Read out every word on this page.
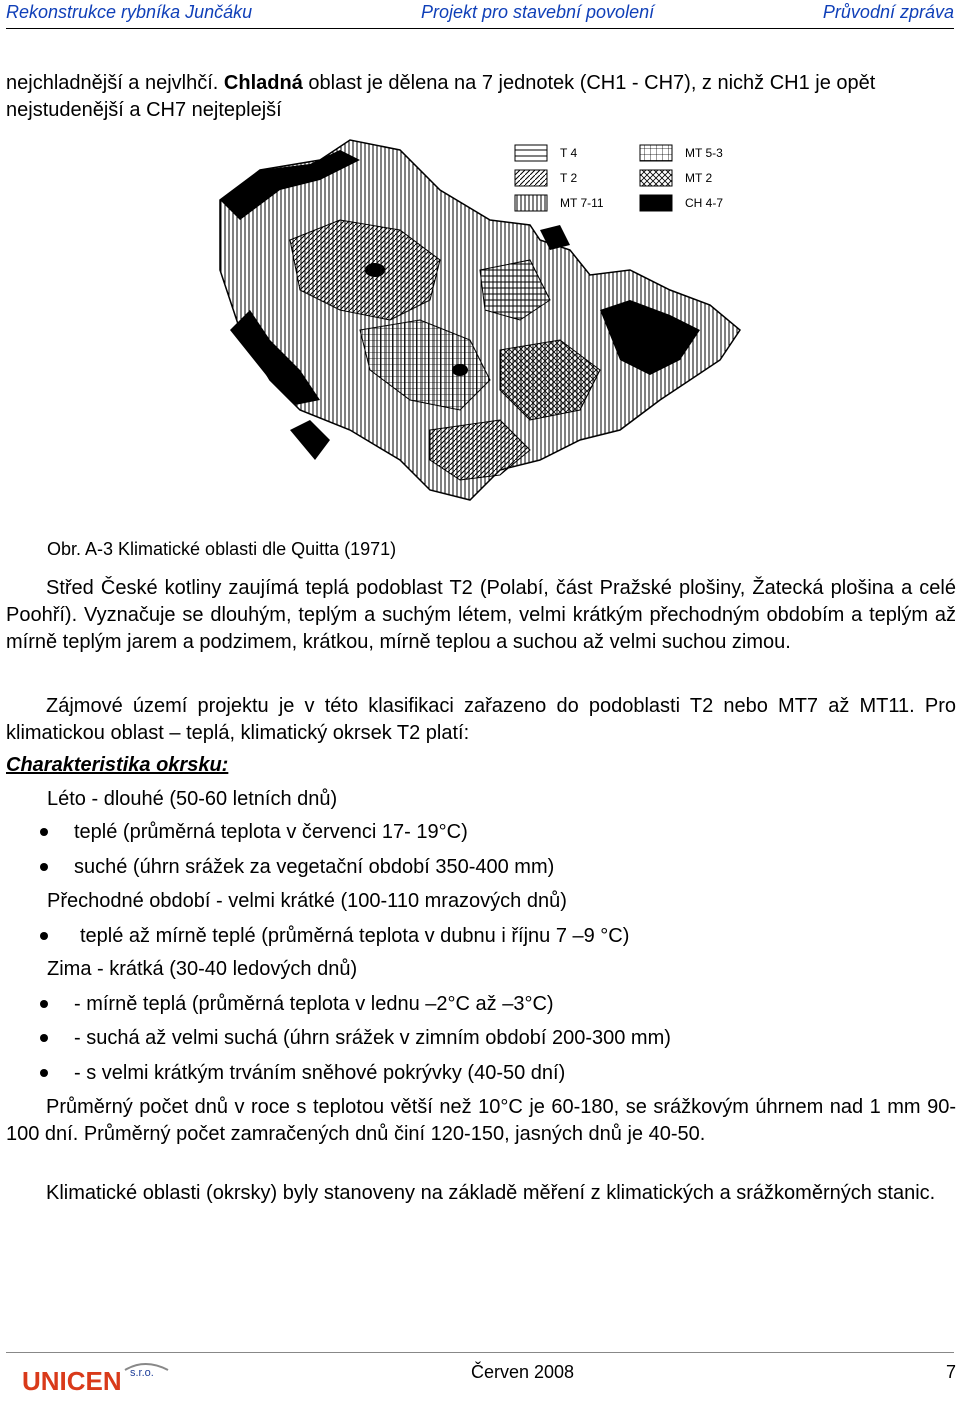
Rekonstrukce rybníka Junčáku	Projekt pro stavební povolení	Průvodní zpráva
nejchladnější a nejvlhčí. Chladná oblast je dělena na 7 jednotek (CH1 - CH7), z nichž CH1 je opět nejstudenější a CH7 nejteplejší
T 4
T 2
MT 7-11
MT 5-3
MT 2
CH 4-7
Obr. A-3 Klimatické oblasti dle Quitta (1971)
Střed České kotliny zaujímá teplá podoblast T2 (Polabí, část Pražské plošiny, Žatecká plošina a celé Poohří). Vyznačuje se dlouhým, teplým a suchým létem, velmi krátkým přechodným obdobím a teplým až mírně teplým jarem a podzimem, krátkou, mírně teplou a suchou až velmi suchou zimou.
Zájmové území projektu je v této klasifikaci zařazeno do podoblasti T2 nebo MT7 až MT11. Pro klimatickou oblast – teplá, klimatický okrsek T2 platí:
Charakteristika okrsku:
Léto - dlouhé (50-60 letních dnů)
teplé (průměrná teplota v červenci 17- 19°C)
suché (úhrn srážek za vegetační období 350-400 mm)
Přechodné období - velmi krátké (100-110 mrazových dnů)
teplé až mírně teplé (průměrná teplota v dubnu i říjnu 7 –9 °C)
Zima - krátká (30-40 ledových dnů)
- mírně teplá (průměrná teplota v lednu –2°C až –3°C)
- suchá až velmi suchá (úhrn srážek v zimním období 200-300 mm)
- s velmi krátkým trváním sněhové pokrývky (40-50 dní)
Průměrný počet dnů v roce s teplotou větší než 10°C je 60-180, se srážkovým úhrnem nad 1 mm 90-100 dní. Průměrný počet zamračených dnů činí 120-150, jasných dnů je 40-50.
Klimatické oblasti (okrsky) byly stanoveny na základě měření z klimatických a srážkoměrných stanic.
UNICEN s.r.o.	Červen 2008	7
